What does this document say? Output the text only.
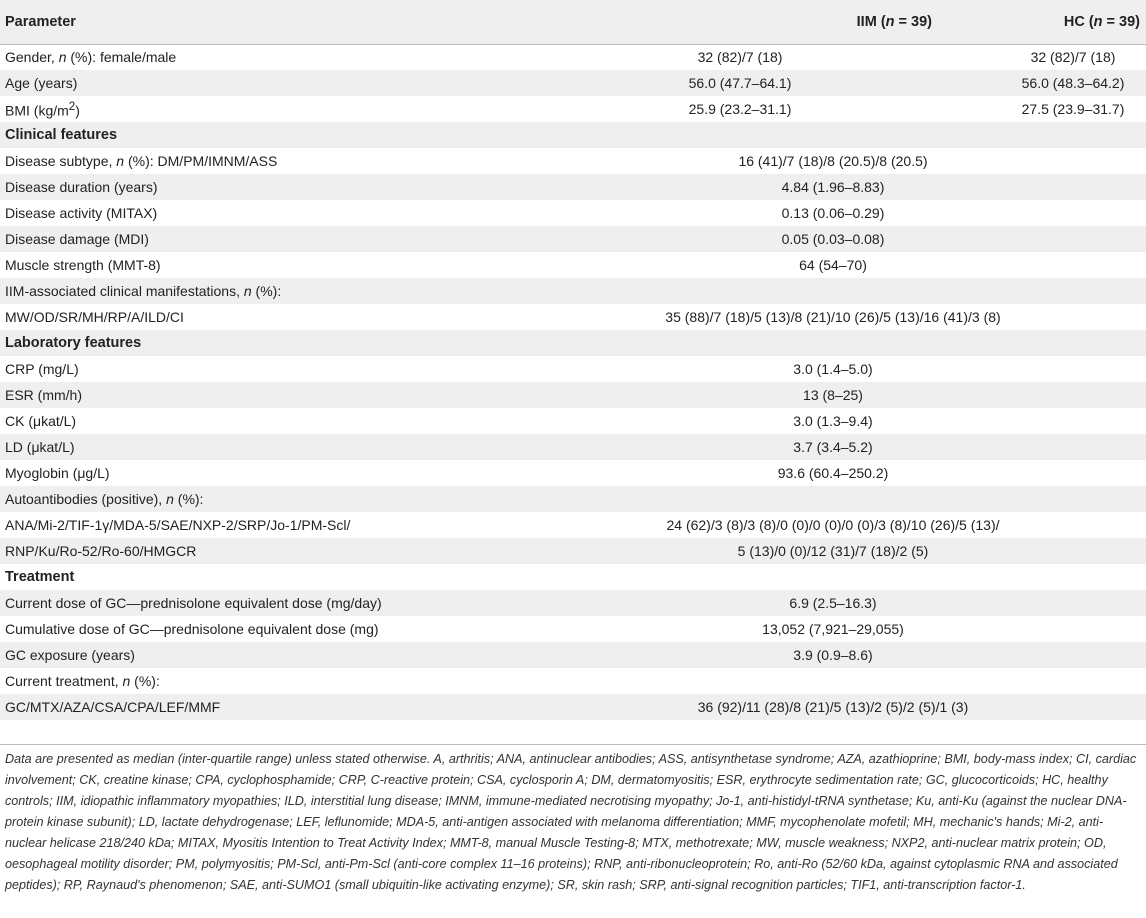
Parameter	IIM (n = 39)	HC (n = 39)
Gender, n (%): female/male	32 (82)/7 (18)	32 (82)/7 (18)
Age (years)	56.0 (47.7–64.1)	56.0 (48.3–64.2)
BMI $(kg/m^2)$	25.9 (23.2–31.1)	27.5 (23.9–31.7)
Clinical features		
Disease subtype, n (%): DM/PM/IMNM/ASS	16 (41)/7 (18)/8 (20.5)/8 (20.5)	
Disease duration (years)	4.84 (1.96–8.83)	
Disease activity (MITAX)	0.13 (0.06–0.29)	
Disease damage (MDI)	0.05 (0.03–0.08)	
Muscle strength (MMT-8)	64 (54–70)	
IIM-associated clinical manifestations, n (%):		
MW/OD/SR/MH/RP/A/ILD/CI	35 (88)/7 (18)/5 (13)/8 (21)/10 (26)/5 (13)/16 (41)/3 (8)	
Laboratory features		
CRP (mg/L)	3.0 (1.4–5.0)	
ESR (mm/h)	13 (8–25)	
CK (μkat/L)	3.0 (1.3–9.4)	
LD (μkat/L)	3.7 (3.4–5.2)	
Myoglobin (μg/L)	93.6 (60.4–250.2)	
Autoantibodies (positive), n (%):		
ANA/Mi-2/TIF-1γ/MDA-5/SAE/NXP-2/SRP/Jo-1/PM-Scl/	24 (62)/3 (8)/3 (8)/0 (0)/0 (0)/0 (0)/3 (8)/10 (26)/5 (13)/	
RNP/Ku/Ro-52/Ro-60/HMGCR	5 (13)/0 (0)/12 (31)/7 (18)/2 (5)	
Treatment		
Current dose of GC—prednisolone equivalent dose (mg/day)	6.9 (2.5–16.3)	
Cumulative dose of GC—prednisolone equivalent dose (mg)	13,052 (7,921–29,055)	
GC exposure (years)	3.9 (0.9–8.6)	
Current treatment, n (%):		
GC/MTX/AZA/CSA/CPA/LEF/MMF	36 (92)/11 (28)/8 (21)/5 (13)/2 (5)/2 (5)/1 (3)	
Data are presented as median (inter-quartile range) unless stated otherwise. A, arthritis; ANA, antinuclear antibodies; ASS, antisynthetase syndrome; AZA, azathioprine; BMI, body-mass index; CI, cardiac involvement; CK, creatine kinase; CPA, cyclophosphamide; CRP, C-reactive protein; CSA, cyclosporin A; DM, dermatomyositis; ESR, erythrocyte sedimentation rate; GC, glucocorticoids; HC, healthy controls; IIM, idiopathic inflammatory myopathies; ILD, interstitial lung disease; IMNM, immune-mediated necrotising myopathy; Jo-1, anti-histidyl-tRNA synthetase; Ku, anti-Ku (against the nuclear DNA-protein kinase subunit); LD, lactate dehydrogenase; LEF, leflunomide; MDA-5, anti-antigen associated with melanoma differentiation; MMF, mycophenolate mofetil; MH, mechanic's hands; Mi-2, anti-nuclear helicase 218/240 kDa; MITAX, Myositis Intention to Treat Activity Index; MMT-8, manual Muscle Testing-8; MTX, methotrexate; MW, muscle weakness; NXP2, anti-nuclear matrix protein; OD, oesophageal motility disorder; PM, polymyositis; PM-Scl, anti-Pm-Scl (anti-core complex 11–16 proteins); RNP, anti-ribonucleoprotein; Ro, anti-Ro (52/60 kDa, against cytoplasmic RNA and associated peptides); RP, Raynaud's phenomenon; SAE, anti-SUMO1 (small ubiquitin-like activating enzyme); SR, skin rash; SRP, anti-signal recognition particles; TIF1, anti-transcription factor-1.
